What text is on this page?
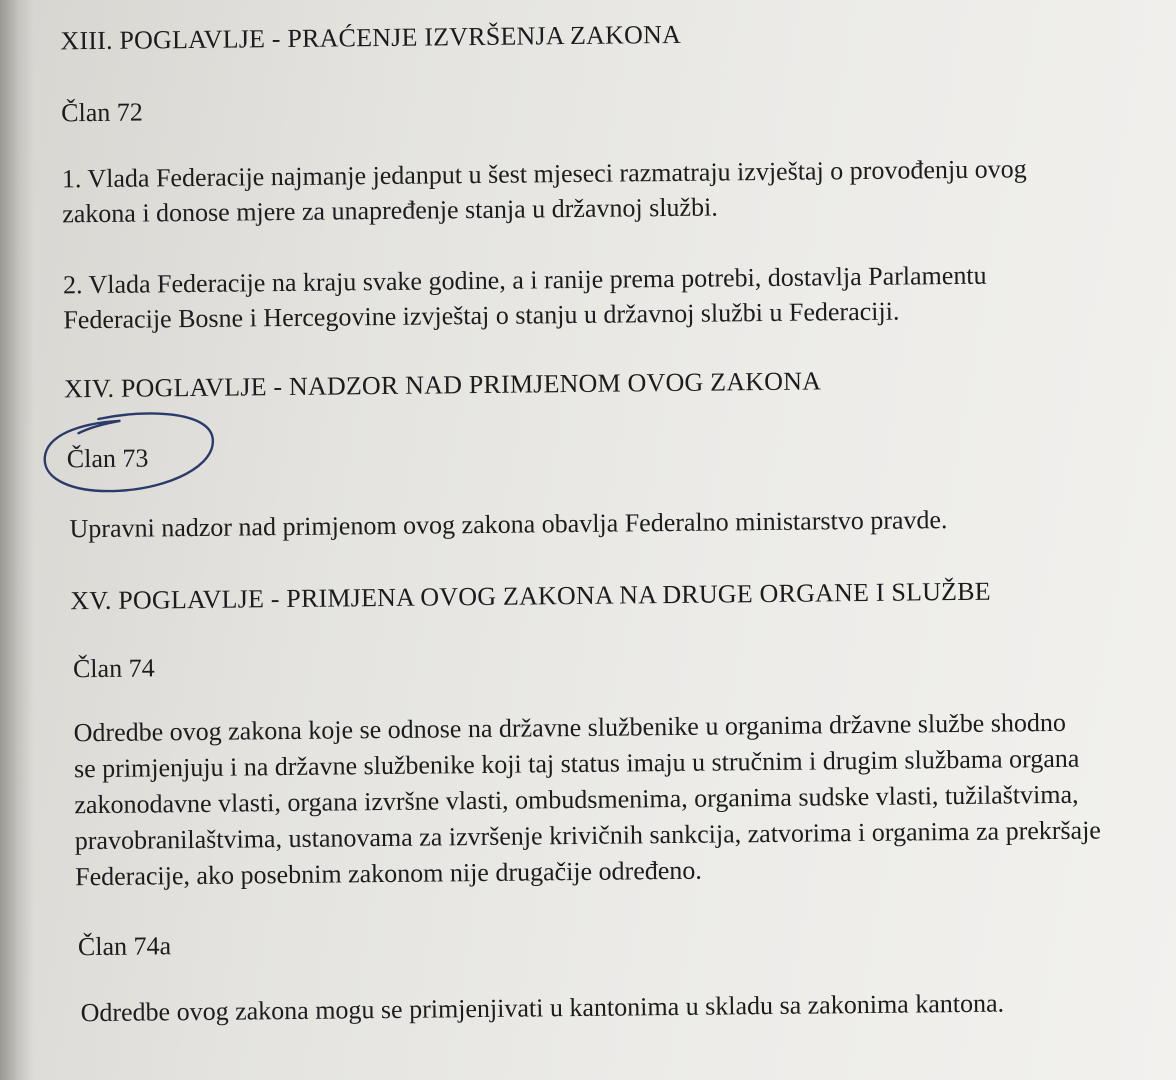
XIII. POGLAVLJE - PRAĆENJE IZVRŠENJA ZAKONA
Član 72
1. Vlada Federacije najmanje jedanput u šest mjeseci razmatraju izvještaj o provođenju ovog
zakona i donose mjere za unapređenje stanja u državnoj službi.
2. Vlada Federacije na kraju svake godine, a i ranije prema potrebi, dostavlja Parlamentu
Federacije Bosne i Hercegovine izvještaj o stanju u državnoj službi u Federaciji.
XIV. POGLAVLJE - NADZOR NAD PRIMJENOM OVOG ZAKONA
Član 73
Upravni nadzor nad primjenom ovog zakona obavlja Federalno ministarstvo pravde.
XV. POGLAVLJE - PRIMJENA OVOG ZAKONA NA DRUGE ORGANE I SLUŽBE
Član 74
Odredbe ovog zakona koje se odnose na državne službenike u organima državne službe shodno
se primjenjuju i na državne službenike koji taj status imaju u stručnim i drugim službama organa
zakonodavne vlasti, organa izvršne vlasti, ombudsmenima, organima sudske vlasti, tužilaštvima,
pravobranilaštvima, ustanovama za izvršenje krivičnih sankcija, zatvorima i organima za prekršaje
Federacije, ako posebnim zakonom nije drugačije određeno.
Član 74a
Odredbe ovog zakona mogu se primjenjivati u kantonima u skladu sa zakonima kantona.
